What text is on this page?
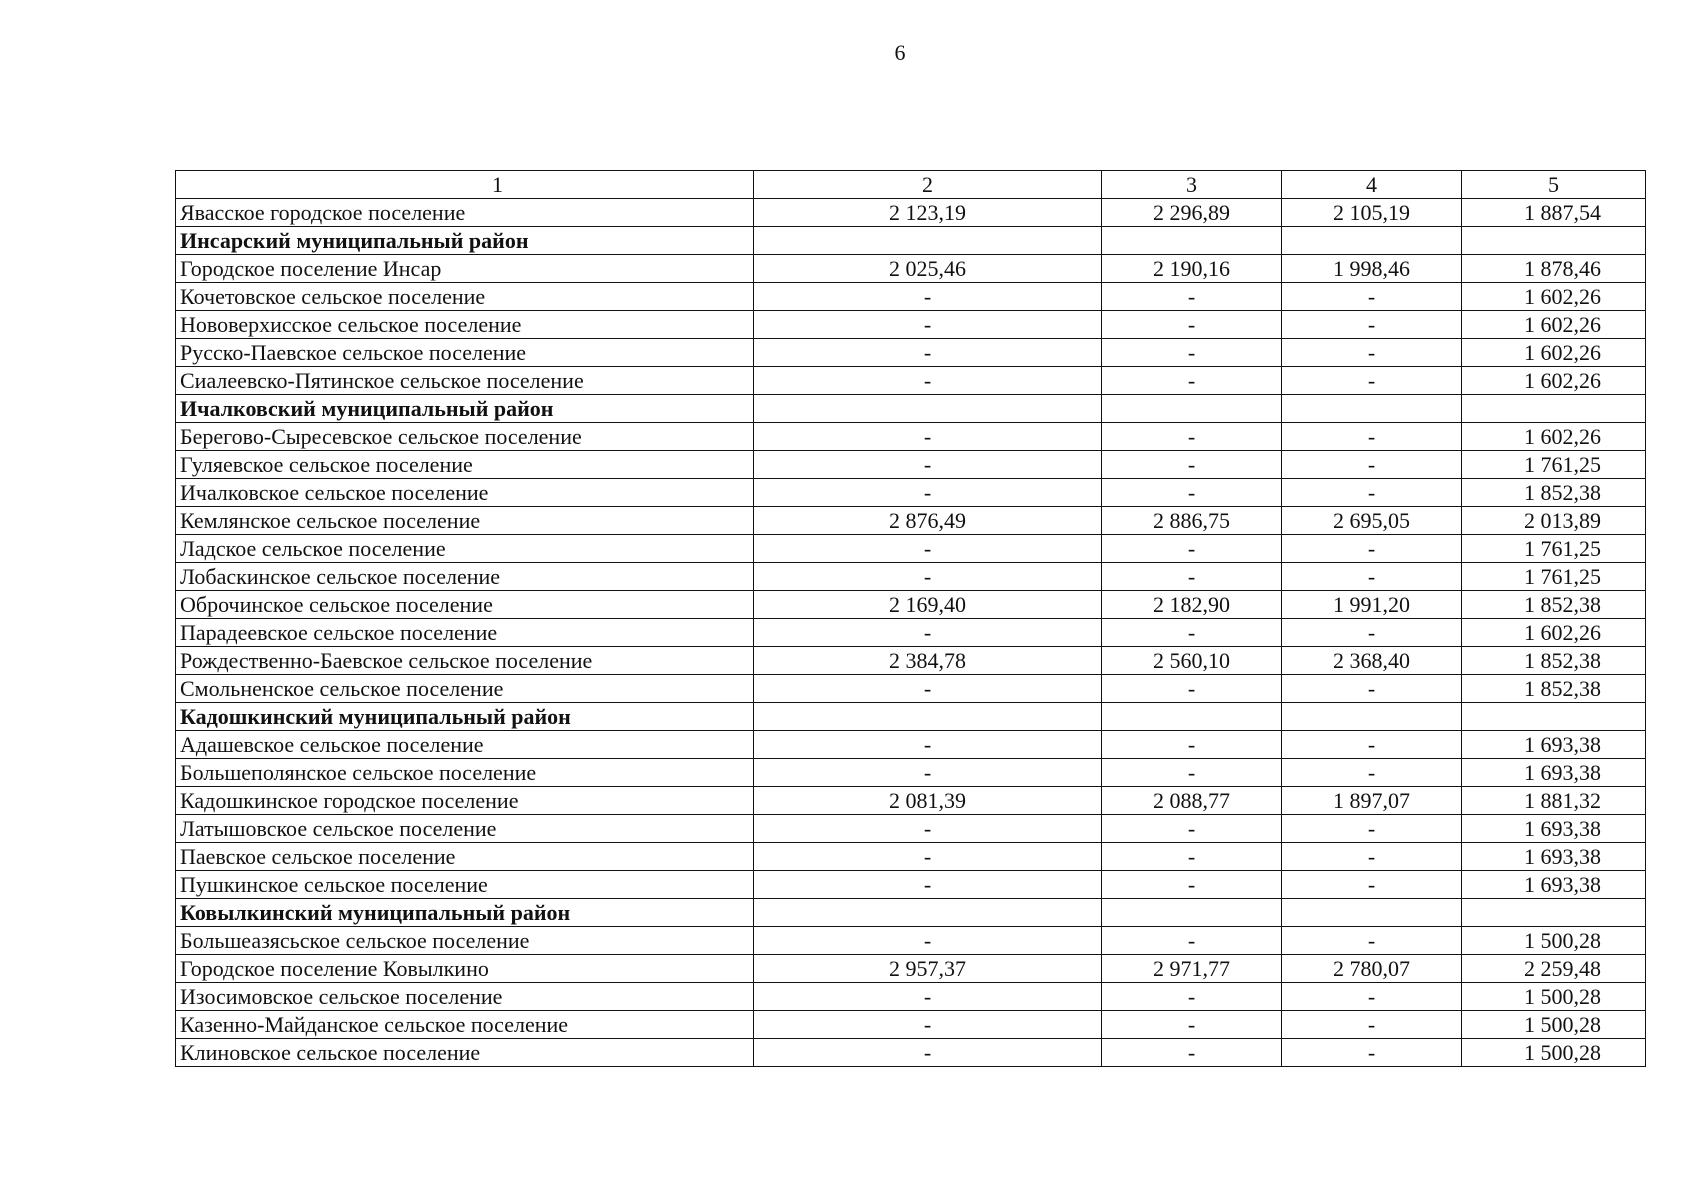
6
1	2	3	4	5
Явасское городское поселение	2 123,19	2 296,89	2 105,19	1 887,54
Инсарский муниципальный район				
Городское поселение Инсар	2 025,46	2 190,16	1 998,46	1 878,46
Кочетовское сельское поселение	-	-	-	1 602,26
Нововерхисское сельское поселение	-	-	-	1 602,26
Русско-Паевское сельское поселение	-	-	-	1 602,26
Сиалеевско-Пятинское сельское поселение	-	-	-	1 602,26
Ичалковский муниципальный район				
Берегово-Сыресевское сельское поселение	-	-	-	1 602,26
Гуляевское сельское поселение	-	-	-	1 761,25
Ичалковское сельское поселение	-	-	-	1 852,38
Кемлянское сельское поселение	2 876,49	2 886,75	2 695,05	2 013,89
Ладское сельское поселение	-	-	-	1 761,25
Лобаскинское сельское поселение	-	-	-	1 761,25
Оброчинское сельское поселение	2 169,40	2 182,90	1 991,20	1 852,38
Парадеевское сельское поселение	-	-	-	1 602,26
Рождественно-Баевское сельское поселение	2 384,78	2 560,10	2 368,40	1 852,38
Смольненское сельское поселение	-	-	-	1 852,38
Кадошкинский муниципальный район				
Адашевское сельское поселение	-	-	-	1 693,38
Большеполянское сельское поселение	-	-	-	1 693,38
Кадошкинское городское поселение	2 081,39	2 088,77	1 897,07	1 881,32
Латышовское сельское поселение	-	-	-	1 693,38
Паевское сельское поселение	-	-	-	1 693,38
Пушкинское сельское поселение	-	-	-	1 693,38
Ковылкинский муниципальный район				
Большеазясьское сельское поселение	-	-	-	1 500,28
Городское поселение Ковылкино	2 957,37	2 971,77	2 780,07	2 259,48
Изосимовское сельское поселение	-	-	-	1 500,28
Казенно-Майданское сельское поселение	-	-	-	1 500,28
Клиновское сельское поселение	-	-	-	1 500,28
